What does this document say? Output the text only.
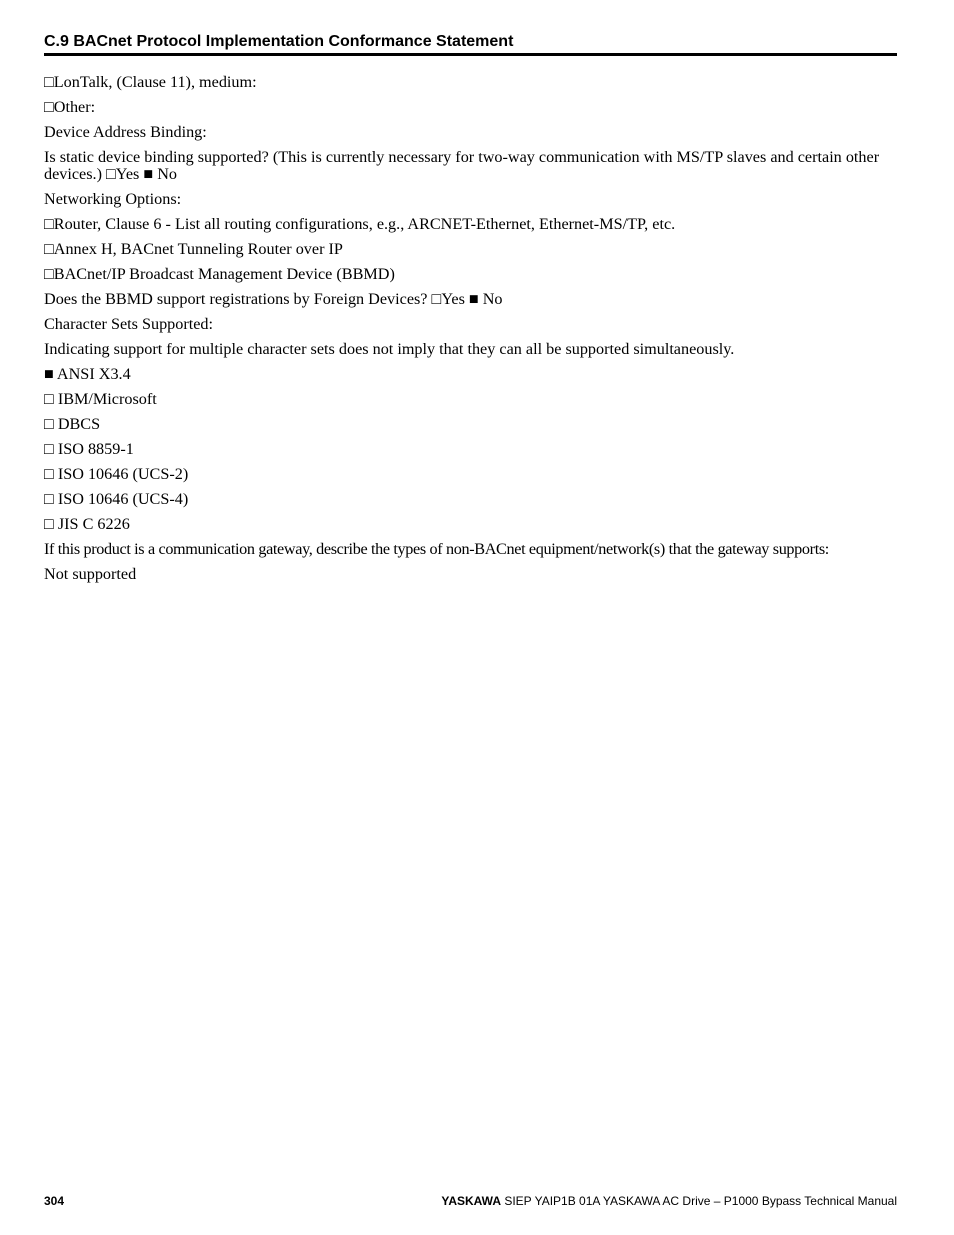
C.9 BACnet Protocol Implementation Conformance Statement

□LonTalk, (Clause 11), medium:

□Other:

Device Address Binding:

Is static device binding supported? (This is currently necessary for two-way communication with MS/TP slaves and certain other devices.) □Yes ■ No

Networking Options:

□Router, Clause 6 - List all routing configurations, e.g., ARCNET-Ethernet, Ethernet-MS/TP, etc.

□Annex H, BACnet Tunneling Router over IP

□BACnet/IP Broadcast Management Device (BBMD)

Does the BBMD support registrations by Foreign Devices? □Yes ■ No

Character Sets Supported:

Indicating support for multiple character sets does not imply that they can all be supported simultaneously.

■ ANSI X3.4

□ IBM/Microsoft

□ DBCS

□ ISO 8859-1

□ ISO 10646 (UCS-2)

□ ISO 10646 (UCS-4)

□ JIS C 6226

If this product is a communication gateway, describe the types of non-BACnet equipment/network(s) that the gateway supports:

Not supported

304	YASKAWA SIEP YAIP1B 01A YASKAWA AC Drive – P1000 Bypass Technical Manual
